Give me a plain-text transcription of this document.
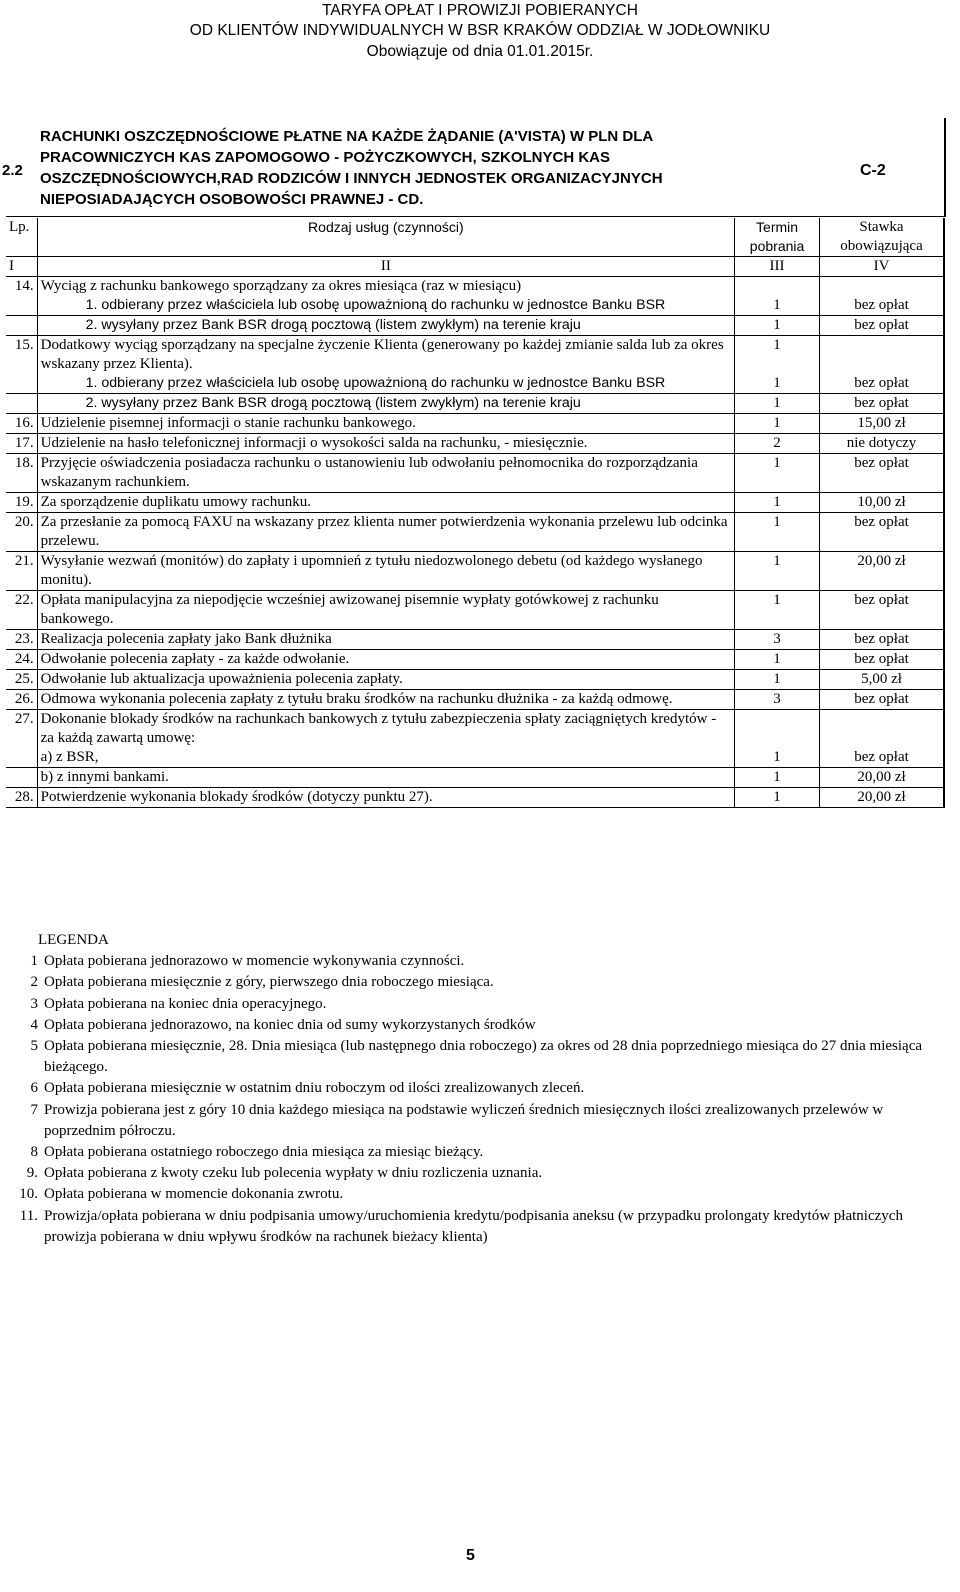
TARYFA OPŁAT I PROWIZJI POBIERANYCH
OD KLIENTÓW INDYWIDUALNYCH W BSR KRAKÓW ODDZIAŁ W JODŁOWNIKU
Obowiązuje od dnia 01.01.2015r.
2.2
RACHUNKI OSZCZĘDNOŚCIOWE PŁATNE NA KAŻDE ŻĄDANIE (A'VISTA) W PLN DLA PRACOWNICZYCH KAS ZAPOMOGOWO - POŻYCZKOWYCH, SZKOLNYCH KAS OSZCZĘDNOŚCIOWYCH,RAD RODZICÓW I INNYCH JEDNOSTEK ORGANIZACYJNYCH NIEPOSIADAJĄCYCH OSOBOWOŚCI PRAWNEJ - CD.
C-2
Lp.	Rodzaj usług (czynności)	Termin pobrania	Stawka obowiązująca
I	II	III	IV
14.	Wyciąg z rachunku bankowego sporządzany za okres miesiąca (raz w miesiącu)		
	1. odbierany przez właściciela lub osobę upoważnioną do rachunku w jednostce Banku BSR	1	bez opłat
	2. wysyłany przez Bank BSR drogą pocztową (listem zwykłym) na terenie kraju	1	bez opłat
15.	Dodatkowy wyciąg sporządzany na specjalne życzenie Klienta (generowany po każdej zmianie salda lub za okres wskazany przez Klienta).	1	
	1. odbierany przez właściciela lub osobę upoważnioną do rachunku w jednostce Banku BSR	1	bez opłat
	2. wysyłany przez Bank BSR drogą pocztową (listem zwykłym) na terenie kraju	1	bez opłat
16.	Udzielenie pisemnej informacji o stanie rachunku bankowego.	1	15,00 zł
17.	Udzielenie na hasło telefonicznej informacji o wysokości salda na rachunku, - miesięcznie.	2	nie dotyczy
18.	Przyjęcie oświadczenia posiadacza rachunku o ustanowieniu lub odwołaniu pełnomocnika do rozporządzania wskazanym rachunkiem.	1	bez opłat
19.	Za sporządzenie duplikatu umowy rachunku.	1	10,00 zł
20.	Za przesłanie za pomocą FAXU na wskazany przez klienta numer potwierdzenia wykonania przelewu lub odcinka przelewu.	1	bez opłat
21.	Wysyłanie wezwań (monitów) do zapłaty i upomnień z tytułu niedozwolonego debetu (od każdego wysłanego monitu).	1	20,00 zł
22.	Opłata manipulacyjna za niepodjęcie wcześniej awizowanej pisemnie wypłaty gotówkowej z rachunku bankowego.	1	bez opłat
23.	Realizacja polecenia zapłaty jako Bank dłużnika	3	bez opłat
24.	Odwołanie polecenia zapłaty - za każde odwołanie.	1	bez opłat
25.	Odwołanie lub aktualizacja upoważnienia polecenia zapłaty.	1	5,00 zł
26.	Odmowa wykonania polecenia zapłaty z tytułu braku środków na rachunku dłużnika - za każdą odmowę.	3	bez opłat
27.	Dokonanie blokady środków na rachunkach bankowych z tytułu zabezpieczenia spłaty zaciągniętych kredytów - za każdą zawartą umowę:		
	a) z BSR,	1	bez opłat
	b) z innymi bankami.	1	20,00 zł
28.	Potwierdzenie wykonania blokady środków (dotyczy punktu 27).	1	20,00 zł
LEGENDA
1 Opłata pobierana jednorazowo w momencie wykonywania czynności.
2 Opłata pobierana miesięcznie z góry, pierwszego dnia roboczego miesiąca.
3 Opłata pobierana na koniec dnia operacyjnego.
4 Opłata pobierana jednorazowo, na koniec dnia od sumy wykorzystanych środków
5 Opłata pobierana miesięcznie, 28. Dnia miesiąca (lub następnego dnia roboczego) za okres od 28 dnia poprzedniego miesiąca do 27 dnia miesiąca bieżącego.
6 Opłata pobierana miesięcznie w ostatnim dniu roboczym od ilości zrealizowanych zleceń.
7 Prowizja pobierana jest z góry 10 dnia każdego miesiąca na podstawie wyliczeń średnich miesięcznych ilości zrealizowanych przelewów w poprzednim półroczu.
8 Opłata pobierana ostatniego roboczego dnia miesiąca za miesiąc bieżący.
9. Opłata pobierana z kwoty czeku lub polecenia wypłaty w dniu rozliczenia uznania.
10. Opłata pobierana w momencie dokonania zwrotu.
11. Prowizja/opłata pobierana w dniu podpisania umowy/uruchomienia kredytu/podpisania aneksu (w przypadku prolongaty kredytów płatniczych prowizja pobierana w dniu wpływu środków na rachunek bieżacy klienta)
5
